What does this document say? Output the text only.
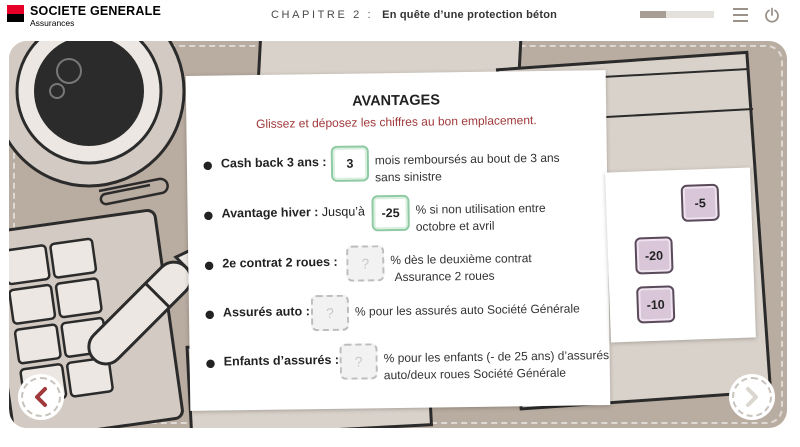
SOCIETE GENERALE
Assurances
CHAPITRE 2 : En quête d’une protection béton
AVANTAGES
Glissez et déposez les chiffres au bon emplacement.
● Cash back 3 ans :	3	mois remboursés au bout de 3 ans
sans sinistre
● Avantage hiver : Jusqu’à	-25	% si non utilisation entre
octobre et avril
● 2e contrat 2 roues :	?	% dès le deuxième contrat
Assurance 2 roues
● Assurés auto :	?	% pour les assurés auto Société Générale
● Enfants d’assurés :	?	% pour les enfants (- de 25 ans) d’assurés
auto/deux roues Société Générale
-5
-20
-10
